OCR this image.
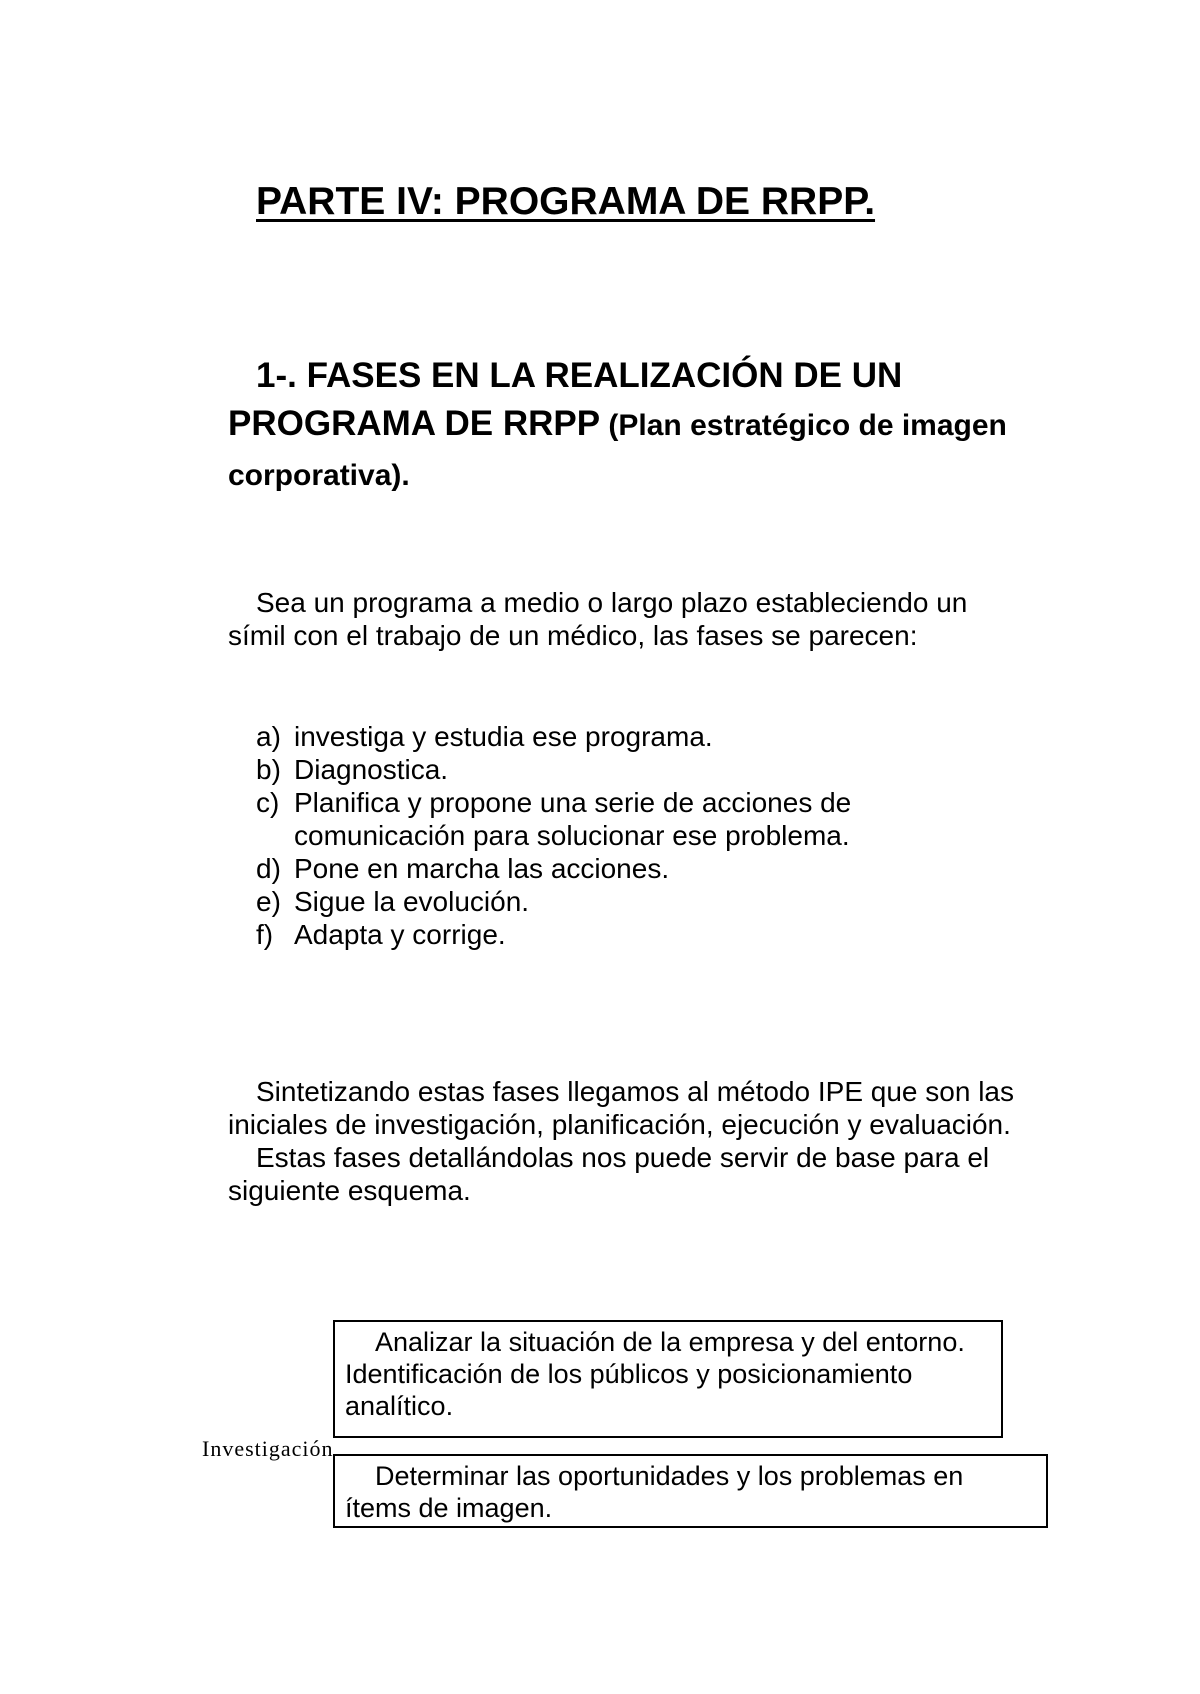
PARTE IV: PROGRAMA DE RRPP.
1-. FASES EN LA REALIZACIÓN DE UN
PROGRAMA DE RRPP (Plan estratégico de imagen
corporativa).

Sea un programa a medio o largo plazo estableciendo un
símil con el trabajo de un médico, las fases se parecen:

a) investiga y estudia ese programa.
b) Diagnostica.
c) Planifica y propone una serie de acciones de comunicación para solucionar ese problema.
d) Pone en marcha las acciones.
e) Sigue la evolución.
f) Adapta y corrige.

Sintetizando estas fases llegamos al método IPE que son las
iniciales de investigación, planificación, ejecución y evaluación.
Estas fases detallándolas nos puede servir de base para el
siguiente esquema.

Investigación

Analizar la situación de la empresa y del entorno.
Identificación de los públicos y posicionamiento
analítico.
Determinar las oportunidades y los problemas en
ítems de imagen.
